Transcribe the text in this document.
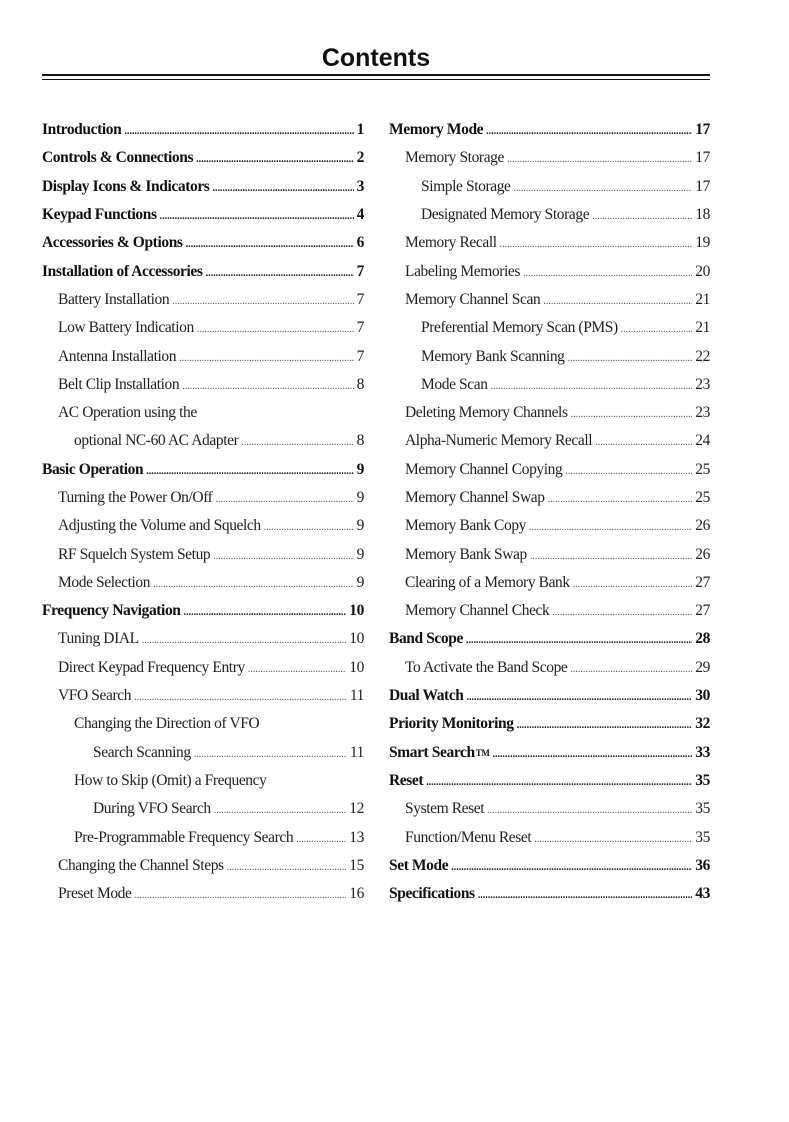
Contents
Introduction .....	1
Controls & Connections .....	2
Display Icons & Indicators .....	3
Keypad Functions .....	4
Accessories & Options .....	6
Installation of Accessories .....	7
Battery Installation .....	7
Low Battery Indication .....	7
Antenna Installation .....	7
Belt Clip Installation .....	8
AC Operation using the
optional NC-60 AC Adapter .....	8
Basic Operation .....	9
Turning the Power On/Off .....	9
Adjusting the Volume and Squelch .....	9
RF Squelch System Setup .....	9
Mode Selection .....	9
Frequency Navigation .....	10
Tuning DIAL .....	10
Direct Keypad Frequency Entry .....	10
VFO Search .....	11
Changing the Direction of VFO
Search Scanning .....	11
How to Skip (Omit) a Frequency
During VFO Search .....	12
Pre-Programmable Frequency Search .....	13
Changing the Channel Steps .....	15
Preset Mode .....	16
Memory Mode .....	17
Memory Storage .....	17
Simple Storage .....	17
Designated Memory Storage .....	18
Memory Recall .....	19
Labeling Memories .....	20
Memory Channel Scan .....	21
Preferential Memory Scan (PMS) .....	21
Memory Bank Scanning .....	22
Mode Scan .....	23
Deleting Memory Channels .....	23
Alpha-Numeric Memory Recall .....	24
Memory Channel Copying .....	25
Memory Channel Swap .....	25
Memory Bank Copy .....	26
Memory Bank Swap .....	26
Clearing of a Memory Bank .....	27
Memory Channel Check .....	27
Band Scope .....	28
To Activate the Band Scope .....	29
Dual Watch .....	30
Priority Monitoring .....	32
Smart Search TM .....	33
Reset .....	35
System Reset .....	35
Function/Menu Reset .....	35
Set Mode .....	36
Specifications .....	43
